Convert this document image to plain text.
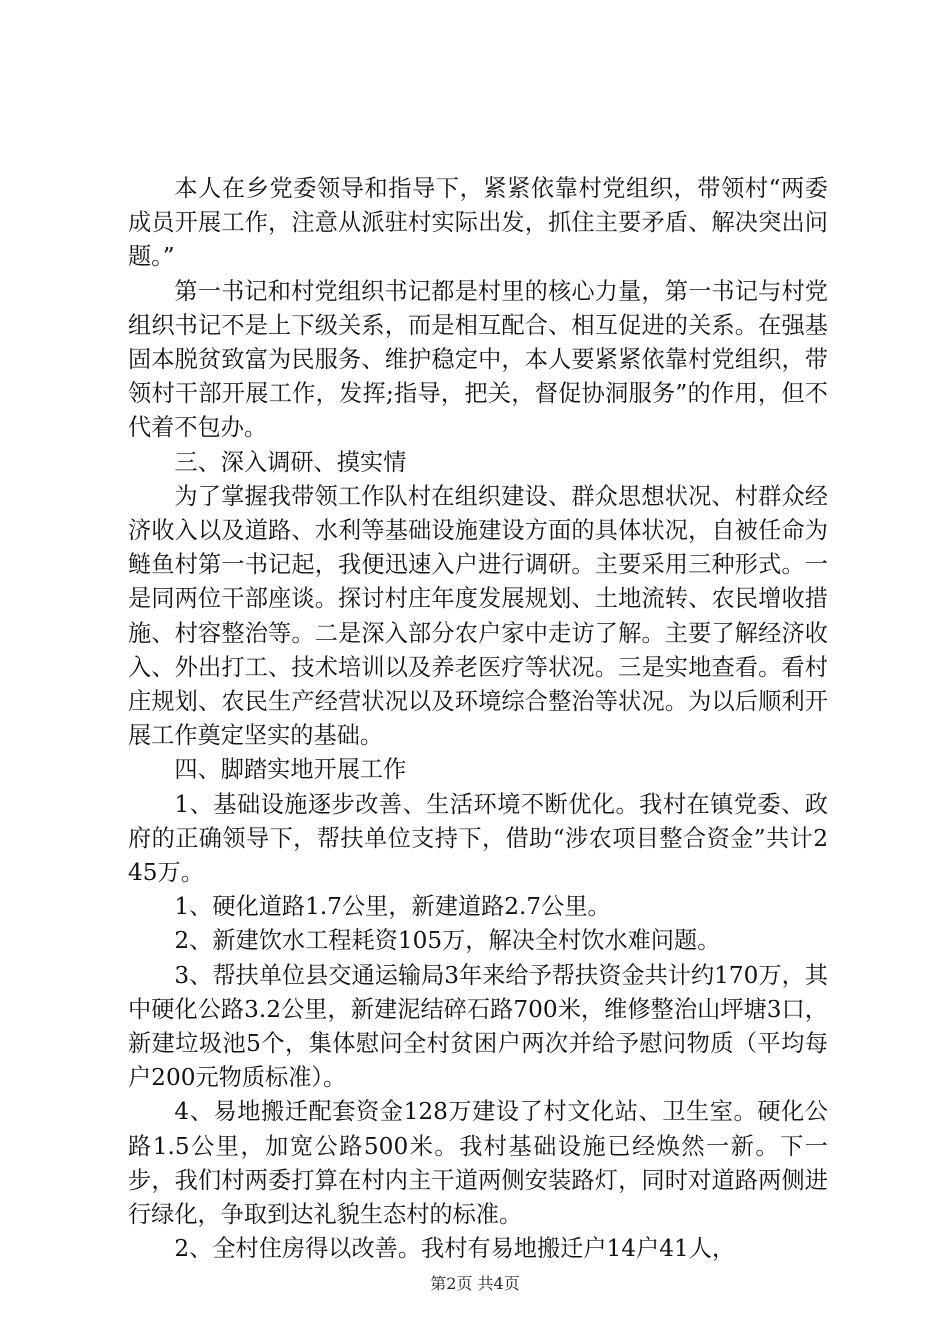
本人在乡党委领导和指导下，紧紧依靠村党组织，带领村“两委成员开展工作，注意从派驻村实际出发，抓住主要矛盾、解决突出问题。”

第一书记和村党组织书记都是村里的核心力量，第一书记与村党组织书记不是上下级关系，而是相互配合、相互促进的关系。在强基固本脱贫致富为民服务、维护稳定中，本人要紧紧依靠村党组织，带领村干部开展工作，发挥;指导，把关，督促协洞服务”的作用，但不代着不包办。

三、深入调研、摸实情

为了掌握我带领工作队村在组织建设、群众思想状况、村群众经济收入以及道路、水利等基础设施建设方面的具体状况，自被任命为鲢鱼村第一书记起，我便迅速入户进行调研。主要采用三种形式。一是同两位干部座谈。探讨村庄年度发展规划、土地流转、农民增收措施、村容整治等。二是深入部分农户家中走访了解。主要了解经济收入、外出打工、技术培训以及养老医疗等状况。三是实地查看。看村庄规划、农民生产经营状况以及环境综合整治等状况。为以后顺利开展工作奠定坚实的基础。

四、脚踏实地开展工作

1、基础设施逐步改善、生活环境不断优化。我村在镇党委、政府的正确领导下，帮扶单位支持下，借助“涉农项目整合资金”共计245万。

1、硬化道路1.7公里，新建道路2.7公里。

2、新建饮水工程耗资105万，解决全村饮水难问题。

3、帮扶单位县交通运输局3年来给予帮扶资金共计约170万，其中硬化公路3.2公里，新建泥结碎石路700米，维修整治山坪塘3口，新建垃圾池5个，集体慰问全村贫困户两次并给予慰问物质（平均每户200元物质标准）。

4、易地搬迁配套资金128万建设了村文化站、卫生室。硬化公路1.5公里，加宽公路500米。我村基础设施已经焕然一新。下一步，我们村两委打算在村内主干道两侧安装路灯，同时对道路两侧进行绿化，争取到达礼貌生态村的标准。

2、全村住房得以改善。我村有易地搬迁户14户41人，

第2页 共4页
